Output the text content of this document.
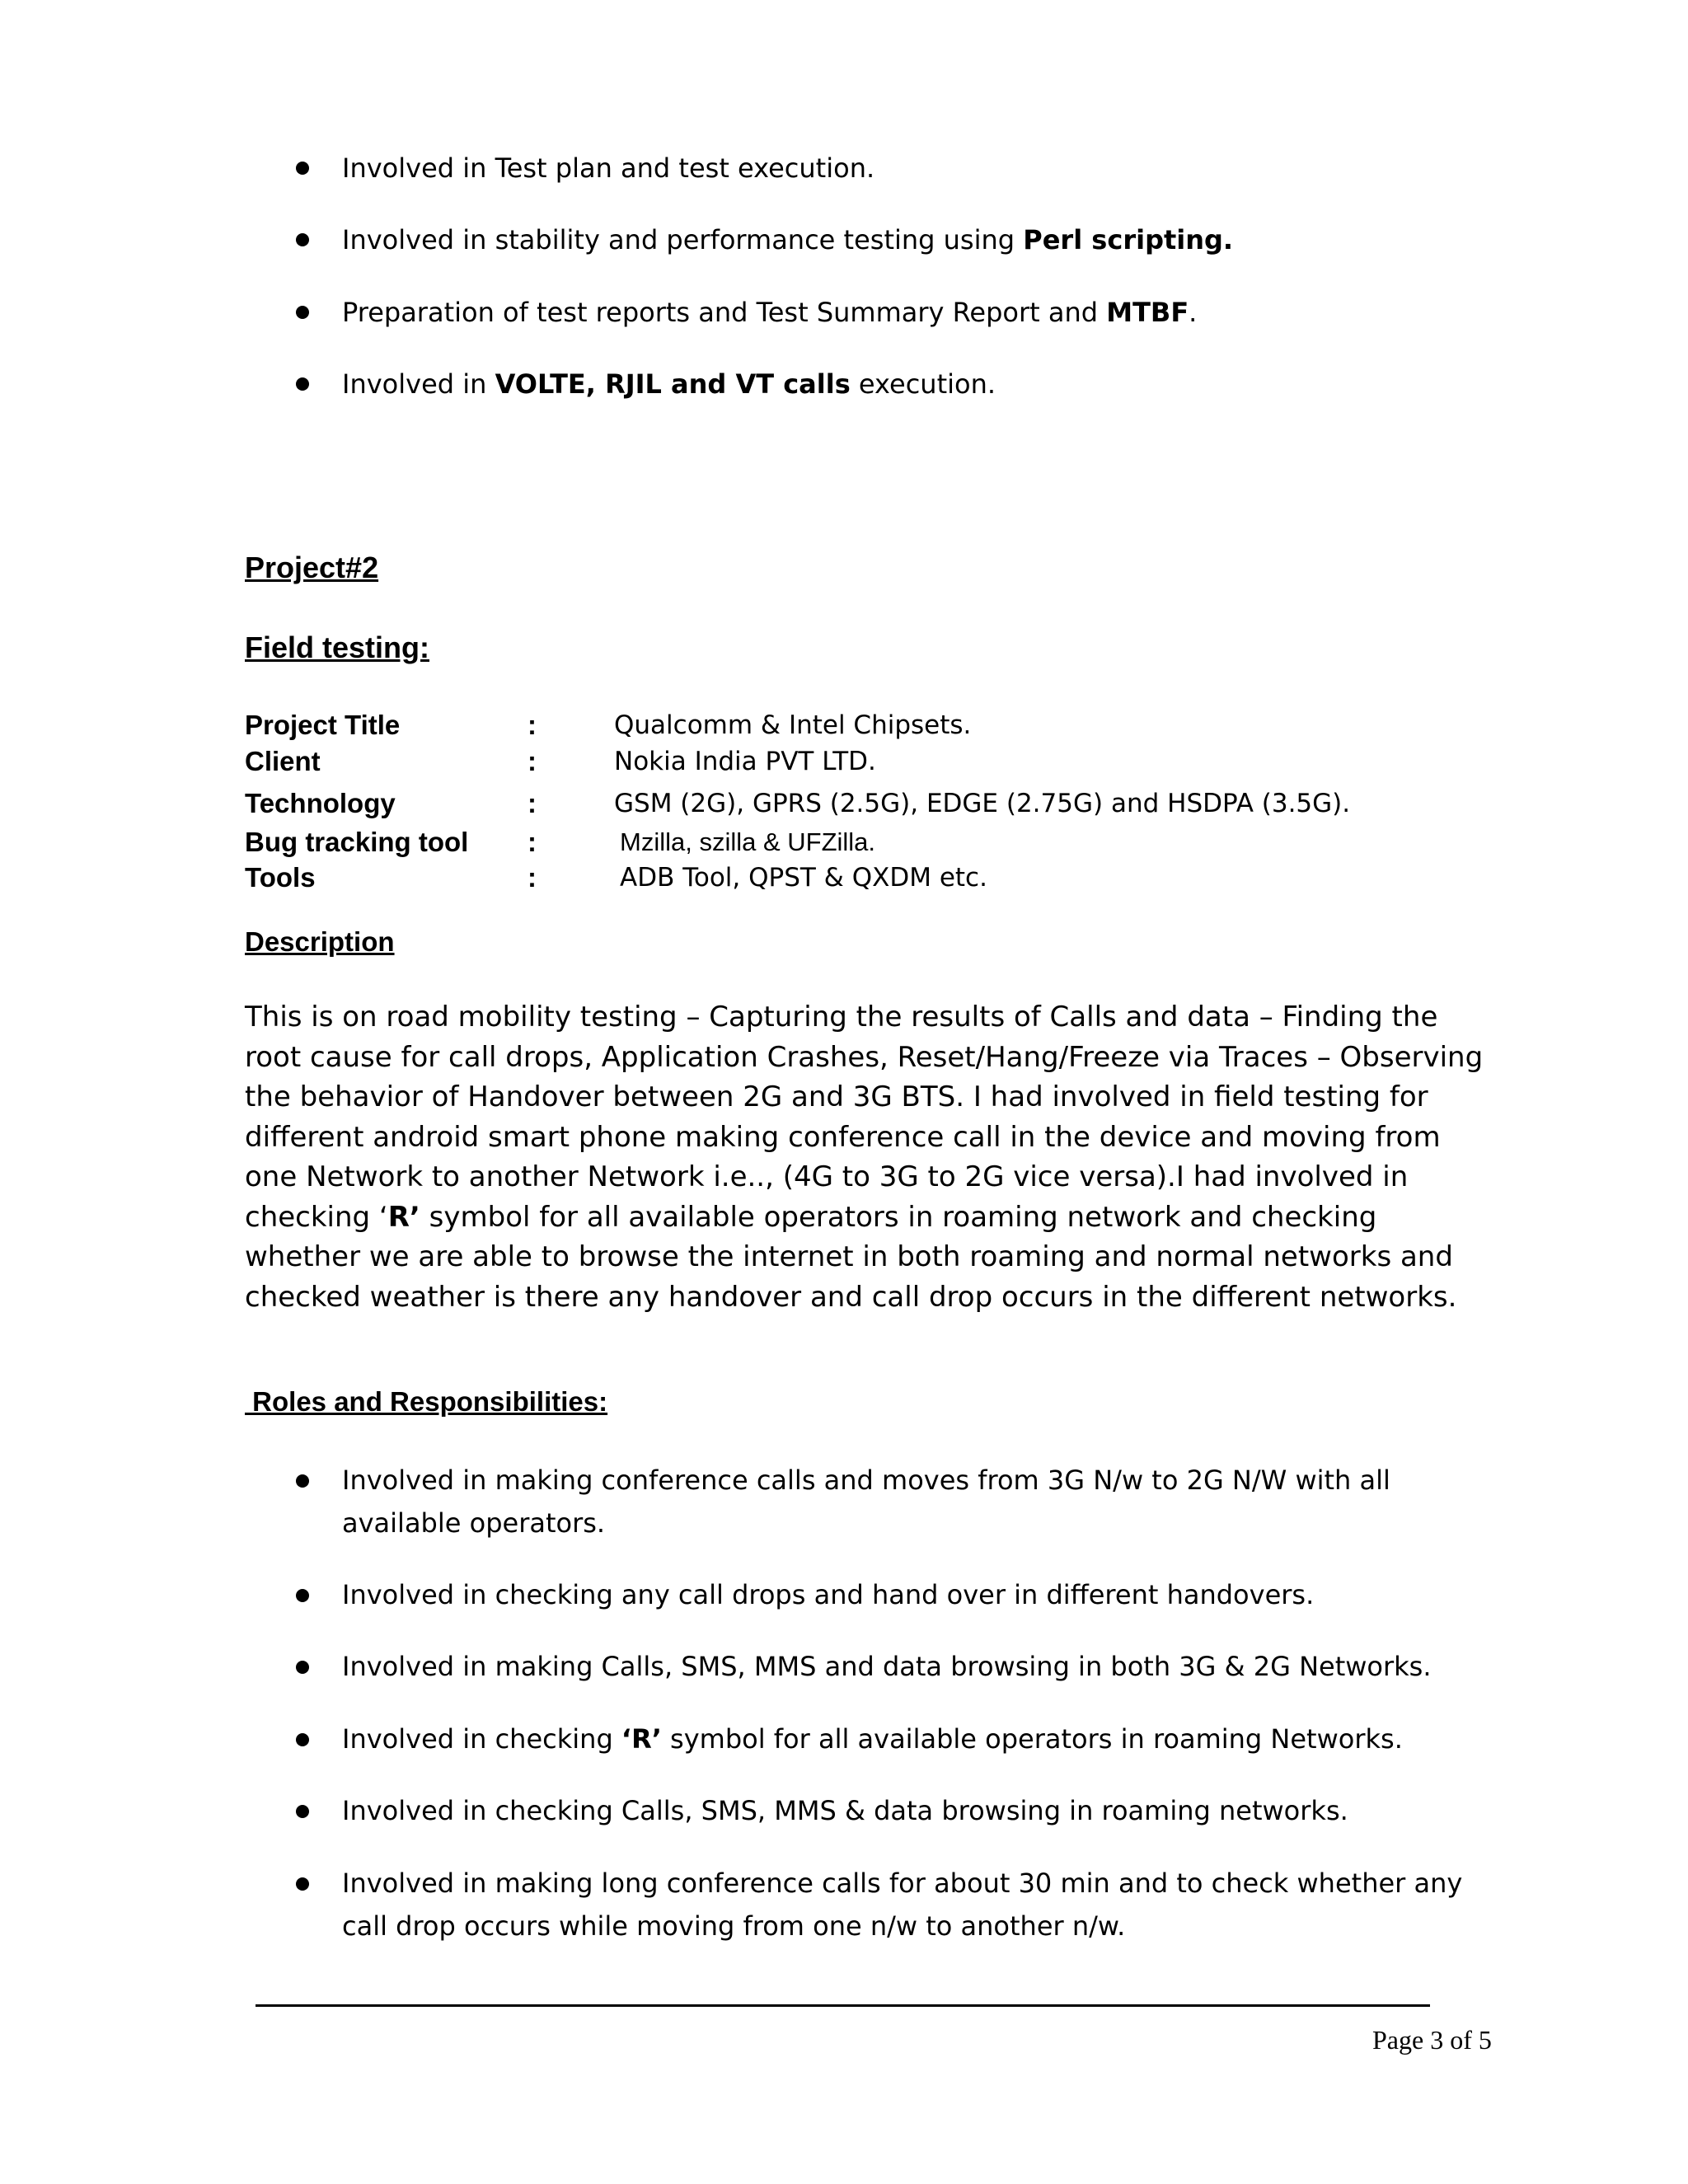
Involved in Test plan and test execution.
Involved in stability and performance testing using Perl scripting.
Preparation of test reports and Test Summary Report and MTBF.
Involved in VOLTE, RJIL and VT calls execution.
Project#2
Field testing:
Project Title	:	Qualcomm & Intel Chipsets.
Client	:	Nokia India PVT LTD.
Technology	:	GSM (2G), GPRS (2.5G), EDGE (2.75G) and HSDPA (3.5G).
Bug tracking tool :	Mzilla, szilla & UFZilla.
Tools	:	ADB Tool, QPST & QXDM etc.
Description
This is on road mobility testing – Capturing the results of Calls and data – Finding the root cause for call drops, Application Crashes, Reset/Hang/Freeze via Traces – Observing the behavior of Handover between 2G and 3G BTS. I had involved in field testing for different android smart phone making conference call in the device and moving from one Network to another Network i.e.., (4G to 3G to 2G vice versa).I had involved in checking ‘R’ symbol for all available operators in roaming network and checking whether we are able to browse the internet in both roaming and normal networks and checked weather is there any handover and call drop occurs in the different networks.
Roles and Responsibilities:
Involved in making conference calls and moves from 3G N/w to 2G N/W with all available operators.
Involved in checking any call drops and hand over in different handovers.
Involved in making Calls, SMS, MMS and data browsing in both 3G & 2G Networks.
Involved in checking ‘R’ symbol for all available operators in roaming Networks.
Involved in checking Calls, SMS, MMS & data browsing in roaming networks.
Involved in making long conference calls for about 30 min and to check whether any call drop occurs while moving from one n/w to another n/w.
Page 3 of 5
